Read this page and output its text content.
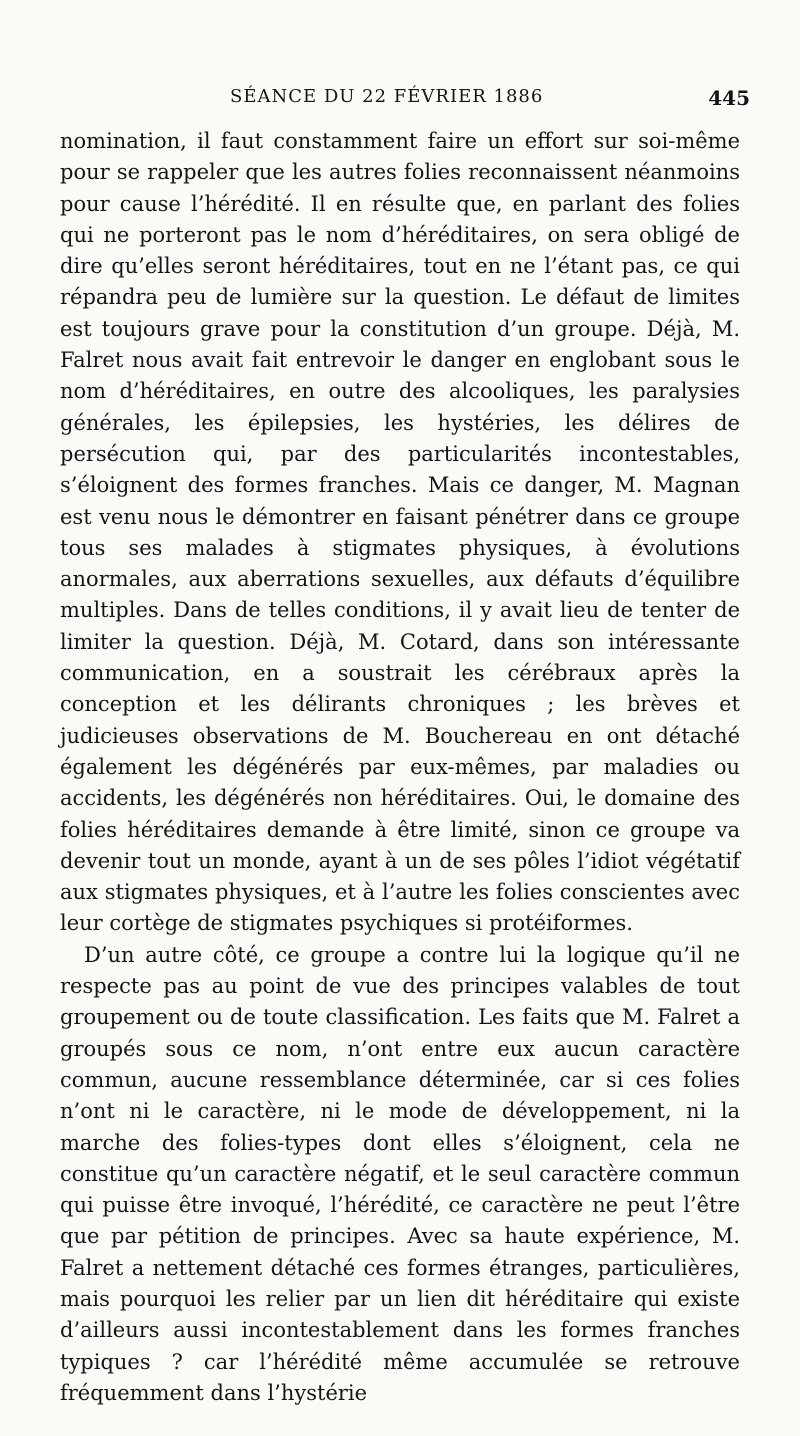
SÉANCE DU 22 FÉVRIER 1886	445

nomination, il faut constamment faire un effort sur soi-même pour se rappeler que les autres folies reconnaissent néanmoins pour cause l’hérédité. Il en résulte que, en parlant des folies qui ne porteront pas le nom d’héréditaires, on sera obligé de dire qu’elles seront héréditaires, tout en ne l’étant pas, ce qui répandra peu de lumière sur la question. Le défaut de limites est toujours grave pour la constitution d’un groupe. Déjà, M. Falret nous avait fait entrevoir le danger en englobant sous le nom d’héréditaires, en outre des alcooliques, les paralysies générales, les épilepsies, les hystéries, les délires de persécution qui, par des particularités incontestables, s’éloignent des formes franches. Mais ce danger, M. Magnan est venu nous le démontrer en faisant pénétrer dans ce groupe tous ses malades à stigmates physiques, à évolutions anormales, aux aberrations sexuelles, aux défauts d’équilibre multiples. Dans de telles conditions, il y avait lieu de tenter de limiter la question. Déjà, M. Cotard, dans son intéressante communication, en a soustrait les cérébraux après la conception et les délirants chroniques ; les brèves et judicieuses observations de M. Bouchereau en ont détaché également les dégénérés par eux-mêmes, par maladies ou accidents, les dégénérés non héréditaires. Oui, le domaine des folies héréditaires demande à être limité, sinon ce groupe va devenir tout un monde, ayant à un de ses pôles l’idiot végétatif aux stigmates physiques, et à l’autre les folies conscientes avec leur cortège de stigmates psychiques si protéiformes.

D’un autre côté, ce groupe a contre lui la logique qu’il ne respecte pas au point de vue des principes valables de tout groupement ou de toute classification. Les faits que M. Falret a groupés sous ce nom, n’ont entre eux aucun caractère commun, aucune ressemblance déterminée, car si ces folies n’ont ni le caractère, ni le mode de développement, ni la marche des folies-types dont elles s’éloignent, cela ne constitue qu’un caractère négatif, et le seul caractère commun qui puisse être invoqué, l’hérédité, ce caractère ne peut l’être que par pétition de principes. Avec sa haute expérience, M. Falret a nettement détaché ces formes étranges, particulières, mais pourquoi les relier par un lien dit héréditaire qui existe d’ailleurs aussi incontestablement dans les formes franches typiques ? car l’hérédité même accumulée se retrouve fréquemment dans l’hystérie
